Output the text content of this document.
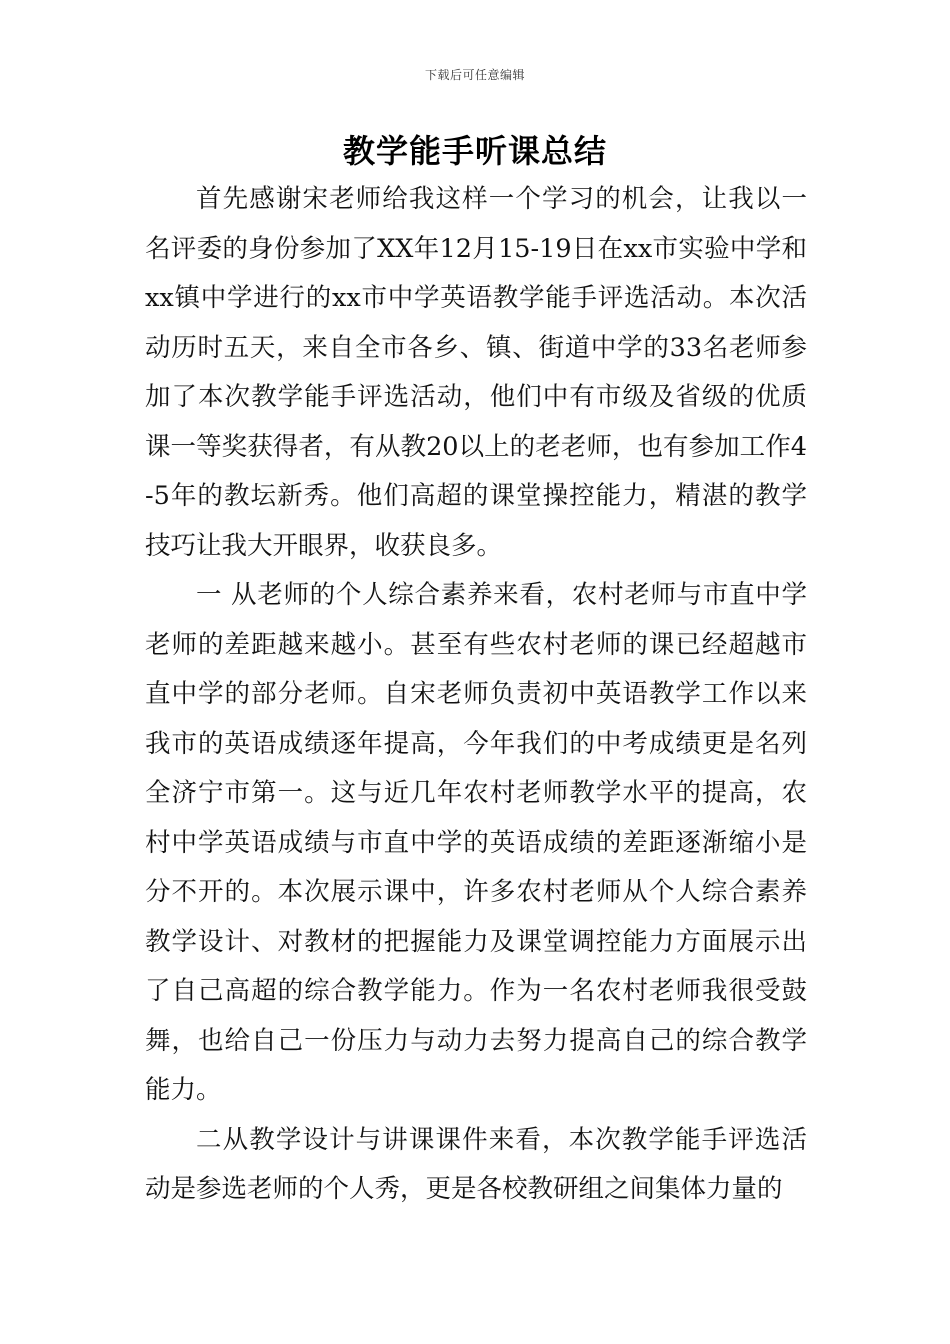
下载后可任意编辑
教学能手听课总结

首先感谢宋老师给我这样一个学习的机会，让我以一名评委的身份参加了XX年12月15-19日在xx市实验中学和xx镇中学进行的xx市中学英语教学能手评选活动。本次活动历时五天，来自全市各乡、镇、街道中学的33名老师参加了本次教学能手评选活动，他们中有市级及省级的优质课一等奖获得者，有从教20以上的老老师，也有参加工作4-5年的教坛新秀。他们高超的课堂操控能力，精湛的教学技巧让我大开眼界，收获良多。

一 从老师的个人综合素养来看，农村老师与市直中学老师的差距越来越小。甚至有些农村老师的课已经超越市直中学的部分老师。自宋老师负责初中英语教学工作以来我市的英语成绩逐年提高，今年我们的中考成绩更是名列全济宁市第一。这与近几年农村老师教学水平的提高，农村中学英语成绩与市直中学的英语成绩的差距逐渐缩小是分不开的。本次展示课中，许多农村老师从个人综合素养教学设计、对教材的把握能力及课堂调控能力方面展示出了自己高超的综合教学能力。作为一名农村老师我很受鼓舞，也给自己一份压力与动力去努力提高自己的综合教学能力。

二从教学设计与讲课课件来看，本次教学能手评选活动是参选老师的个人秀，更是各校教研组之间集体力量的
